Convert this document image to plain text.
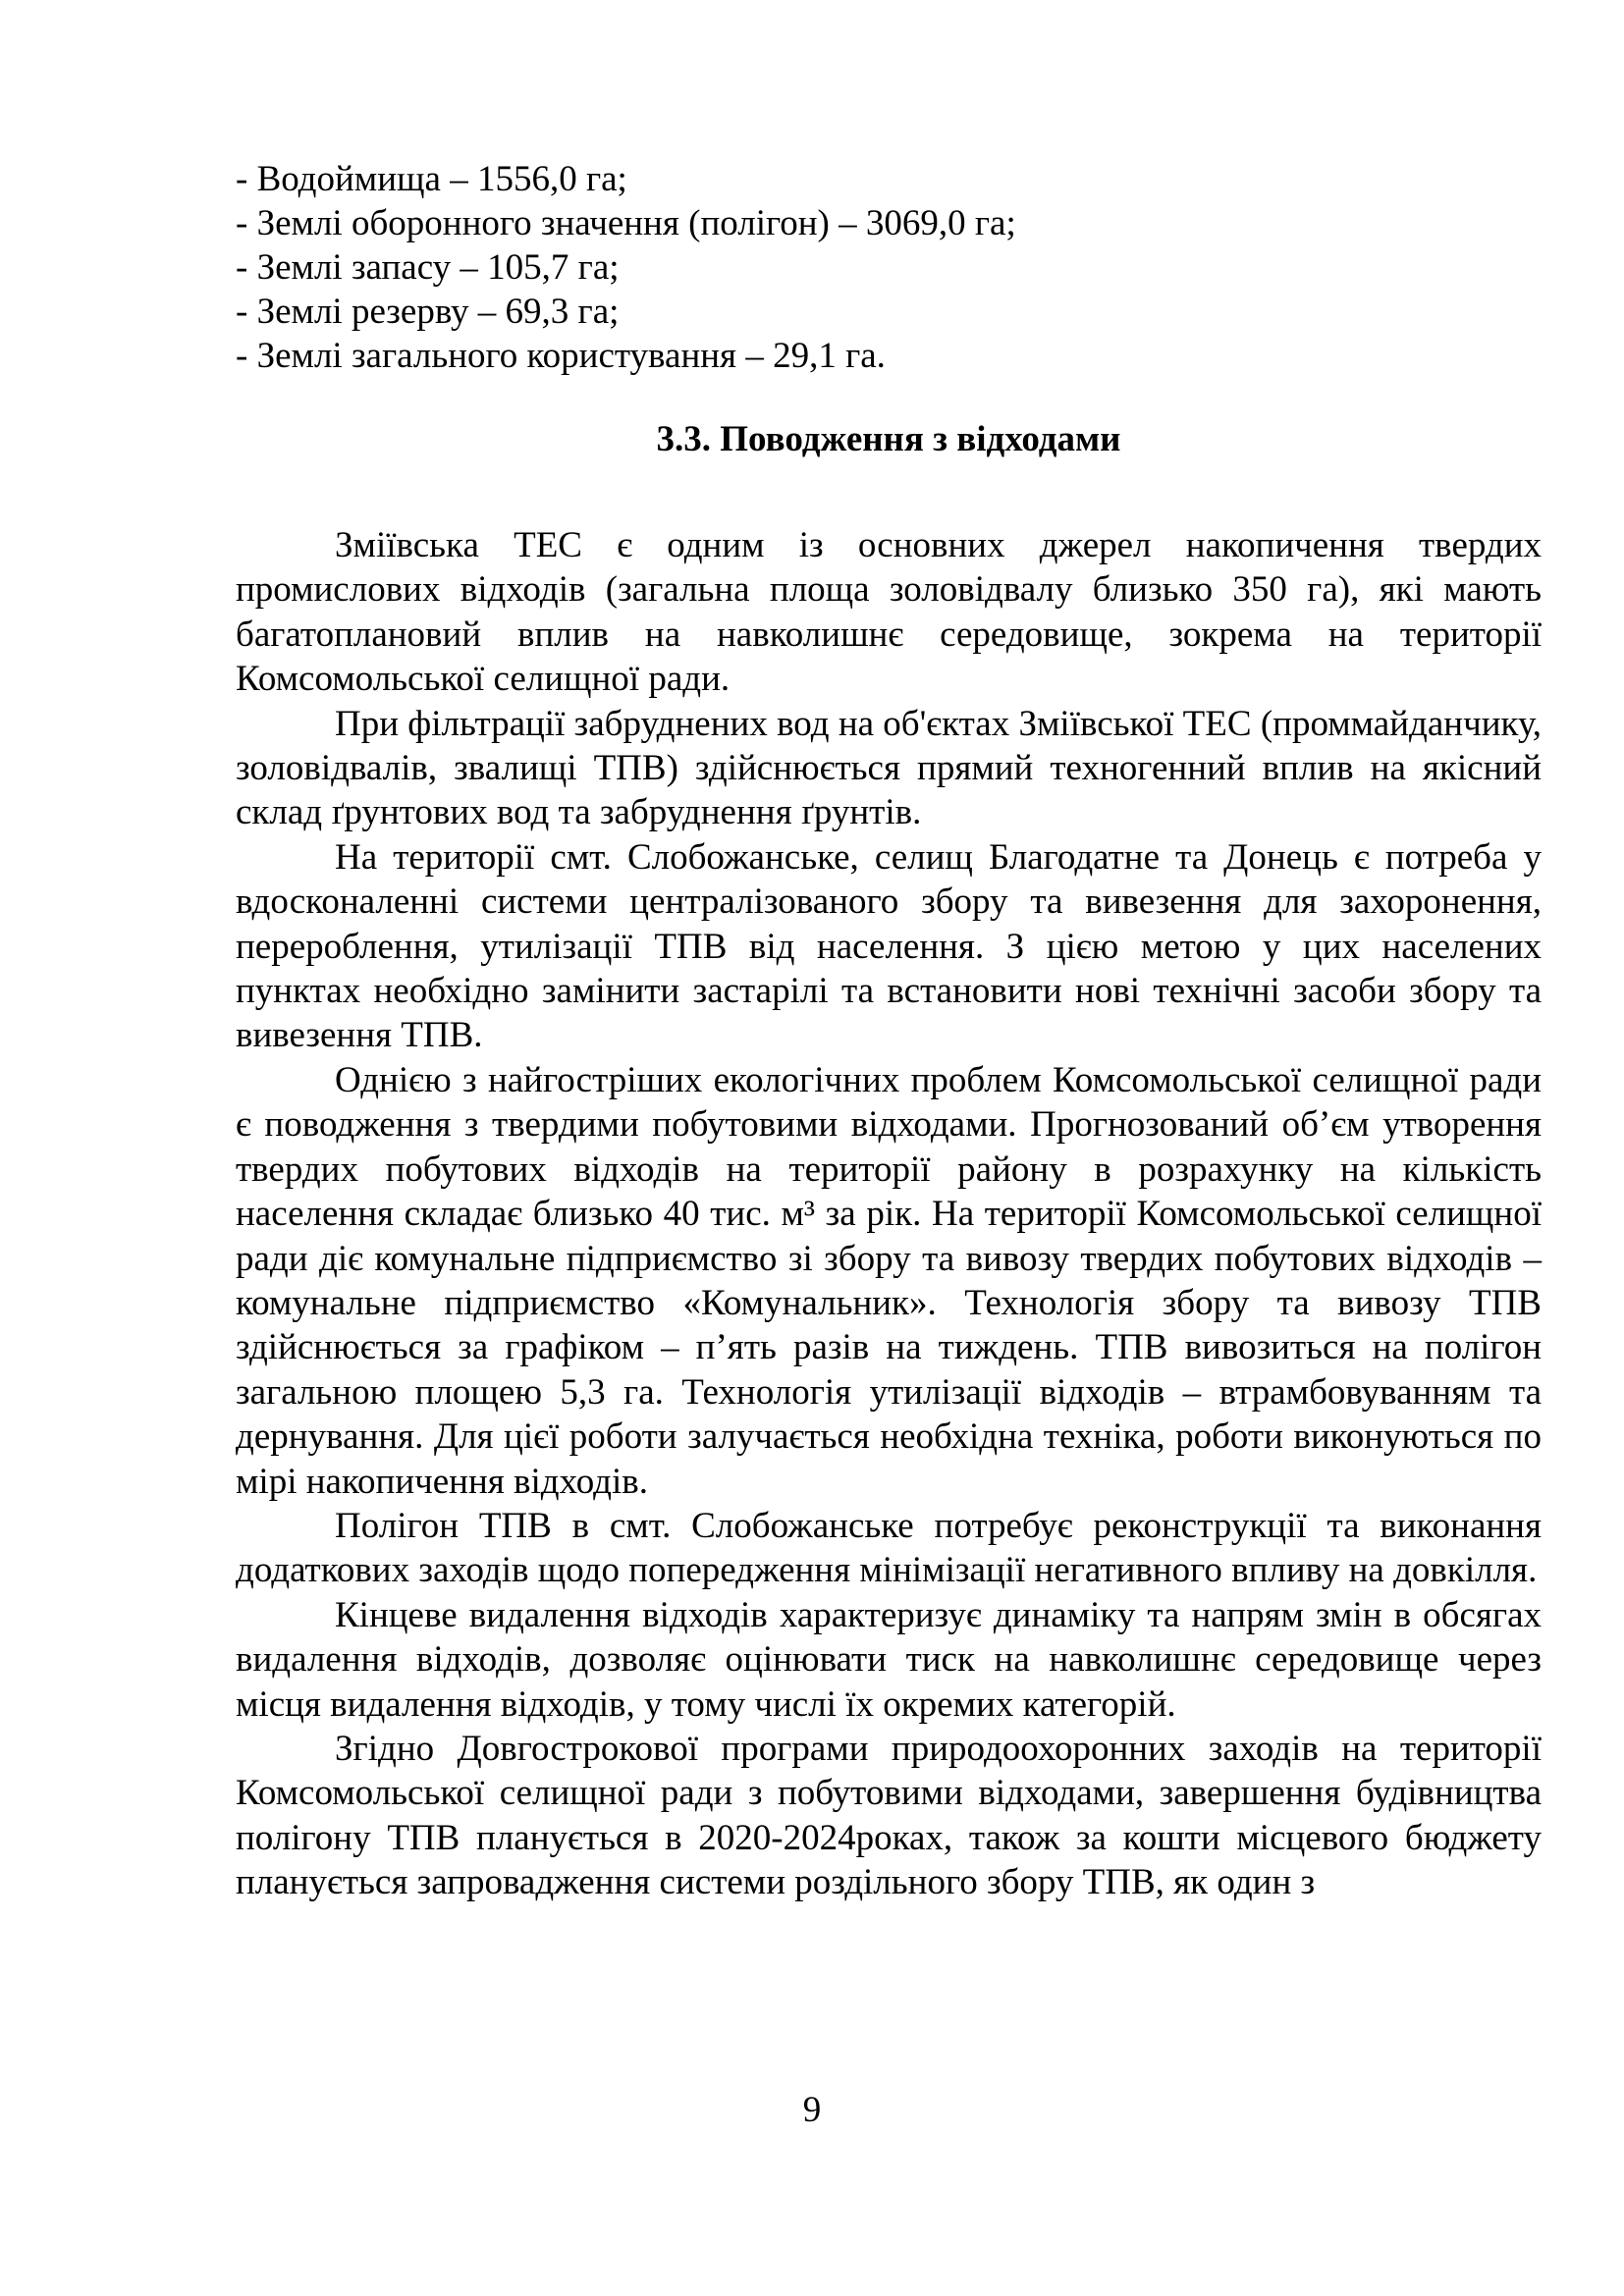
- Водоймища – 1556,0 га;
- Землі оборонного значення (полігон) – 3069,0 га;
- Землі запасу – 105,7 га;
- Землі резерву – 69,3 га;
- Землі загального користування – 29,1 га.
3.3. Поводження з відходами

Зміївська ТЕС є одним із основних джерел накопичення твердих промислових відходів (загальна площа золовідвалу близько 350 га), які мають багатоплановий вплив на навколишнє середовище, зокрема на території Комсомольської селищної ради.

При фільтрації забруднених вод на об'єктах Зміївської ТЕС (проммайданчику, золовідвалів, звалищі ТПВ) здійснюється прямий техногенний вплив на якісний склад ґрунтових вод та забруднення ґрунтів.

На території смт. Слобожанське, селищ Благодатне та Донець є потреба у вдосконаленні системи централізованого збору та вивезення для захоронення, перероблення, утилізації ТПВ від населення. З цією метою у цих населених пунктах необхідно замінити застарілі та встановити нові технічні засоби збору та вивезення ТПВ.

Однією з найгостріших екологічних проблем Комсомольської селищної ради є поводження з твердими побутовими відходами. Прогнозований об’єм утворення твердих побутових відходів на території району в розрахунку на кількість населення складає близько 40 тис. м³ за рік. На території Комсомольської селищної ради діє комунальне підприємство зі збору та вивозу твердих побутових відходів – комунальне підприємство «Комунальник». Технологія збору та вивозу ТПВ здійснюється за графіком – п’ять разів на тиждень. ТПВ вивозиться на полігон загальною площею 5,3 га. Технологія утилізації відходів – втрамбовуванням та дернування. Для цієї роботи залучається необхідна техніка, роботи виконуються по мірі накопичення відходів.

Полігон ТПВ в смт. Слобожанське потребує реконструкції та виконання додаткових заходів щодо попередження мінімізації негативного впливу на довкілля.

Кінцеве видалення відходів характеризує динаміку та напрям змін в обсягах видалення відходів, дозволяє оцінювати тиск на навколишнє середовище через місця видалення відходів, у тому числі їх окремих категорій.

Згідно Довгострокової програми природоохоронних заходів на території Комсомольської селищної ради з побутовими відходами, завершення будівництва полігону ТПВ планується в 2020-2024роках, також за кошти місцевого бюджету планується запровадження системи роздільного збору ТПВ, як один з

9
